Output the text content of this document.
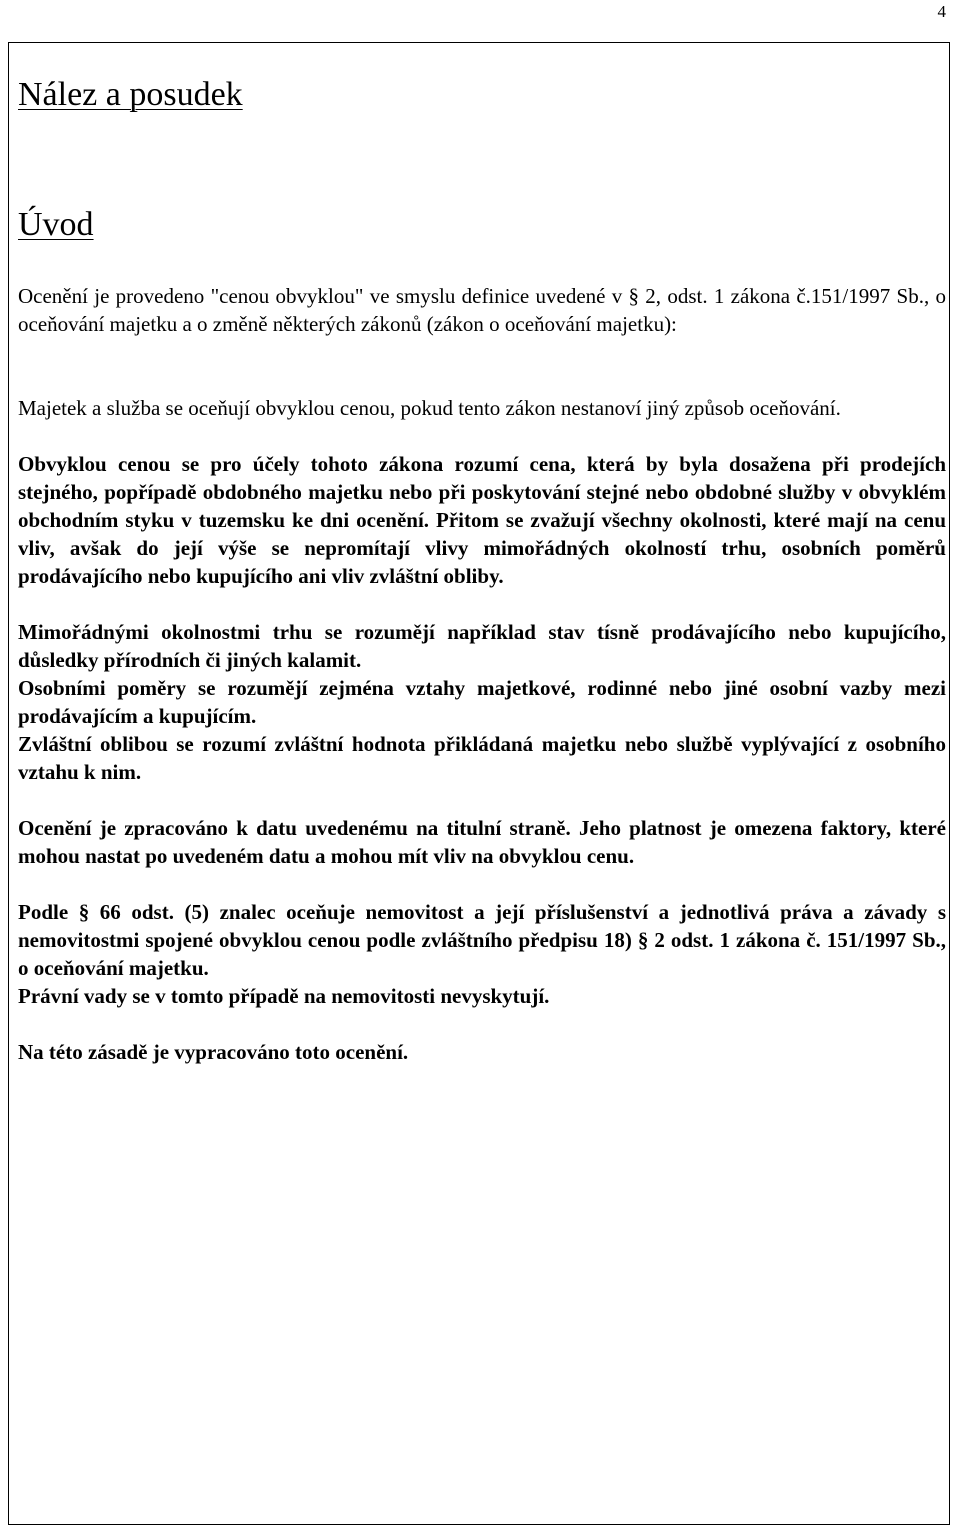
4
Nález a posudek
Úvod

Ocenění je provedeno "cenou obvyklou" ve smyslu definice uvedené v § 2, odst. 1 zákona č.151/1997 Sb., o oceňování majetku a o změně některých zákonů (zákon o oceňování majetku):

Majetek a služba se oceňují obvyklou cenou, pokud tento zákon nestanoví jiný způsob oceňování.

Obvyklou cenou se pro účely tohoto zákona rozumí cena, která by byla dosažena při prodejích stejného, popřípadě obdobného majetku nebo při poskytování stejné nebo obdobné služby v obvyklém obchodním styku v tuzemsku ke dni ocenění. Přitom se zvažují všechny okolnosti, které mají na cenu vliv, avšak do její výše se nepromítají vlivy mimořádných okolností trhu, osobních poměrů prodávajícího nebo kupujícího ani vliv zvláštní obliby.

Mimořádnými okolnostmi trhu se rozumějí například stav tísně prodávajícího nebo kupujícího, důsledky přírodních či jiných kalamit.

Osobními poměry se rozumějí zejména vztahy majetkové, rodinné nebo jiné osobní vazby mezi prodávajícím a kupujícím.

Zvláštní oblibou se rozumí zvláštní hodnota přikládaná majetku nebo službě vyplývající z osobního vztahu k nim.

Ocenění je zpracováno k datu uvedenému na titulní straně. Jeho platnost je omezena faktory, které mohou nastat po uvedeném datu a mohou mít vliv na obvyklou cenu.

Podle § 66 odst. (5) znalec oceňuje nemovitost a její příslušenství a jednotlivá práva a závady s nemovitostmi spojené obvyklou cenou podle zvláštního předpisu 18) § 2 odst. 1 zákona č. 151/1997 Sb., o oceňování majetku.

Právní vady se v tomto případě na nemovitosti nevyskytují.

Na této zásadě je vypracováno toto ocenění.
